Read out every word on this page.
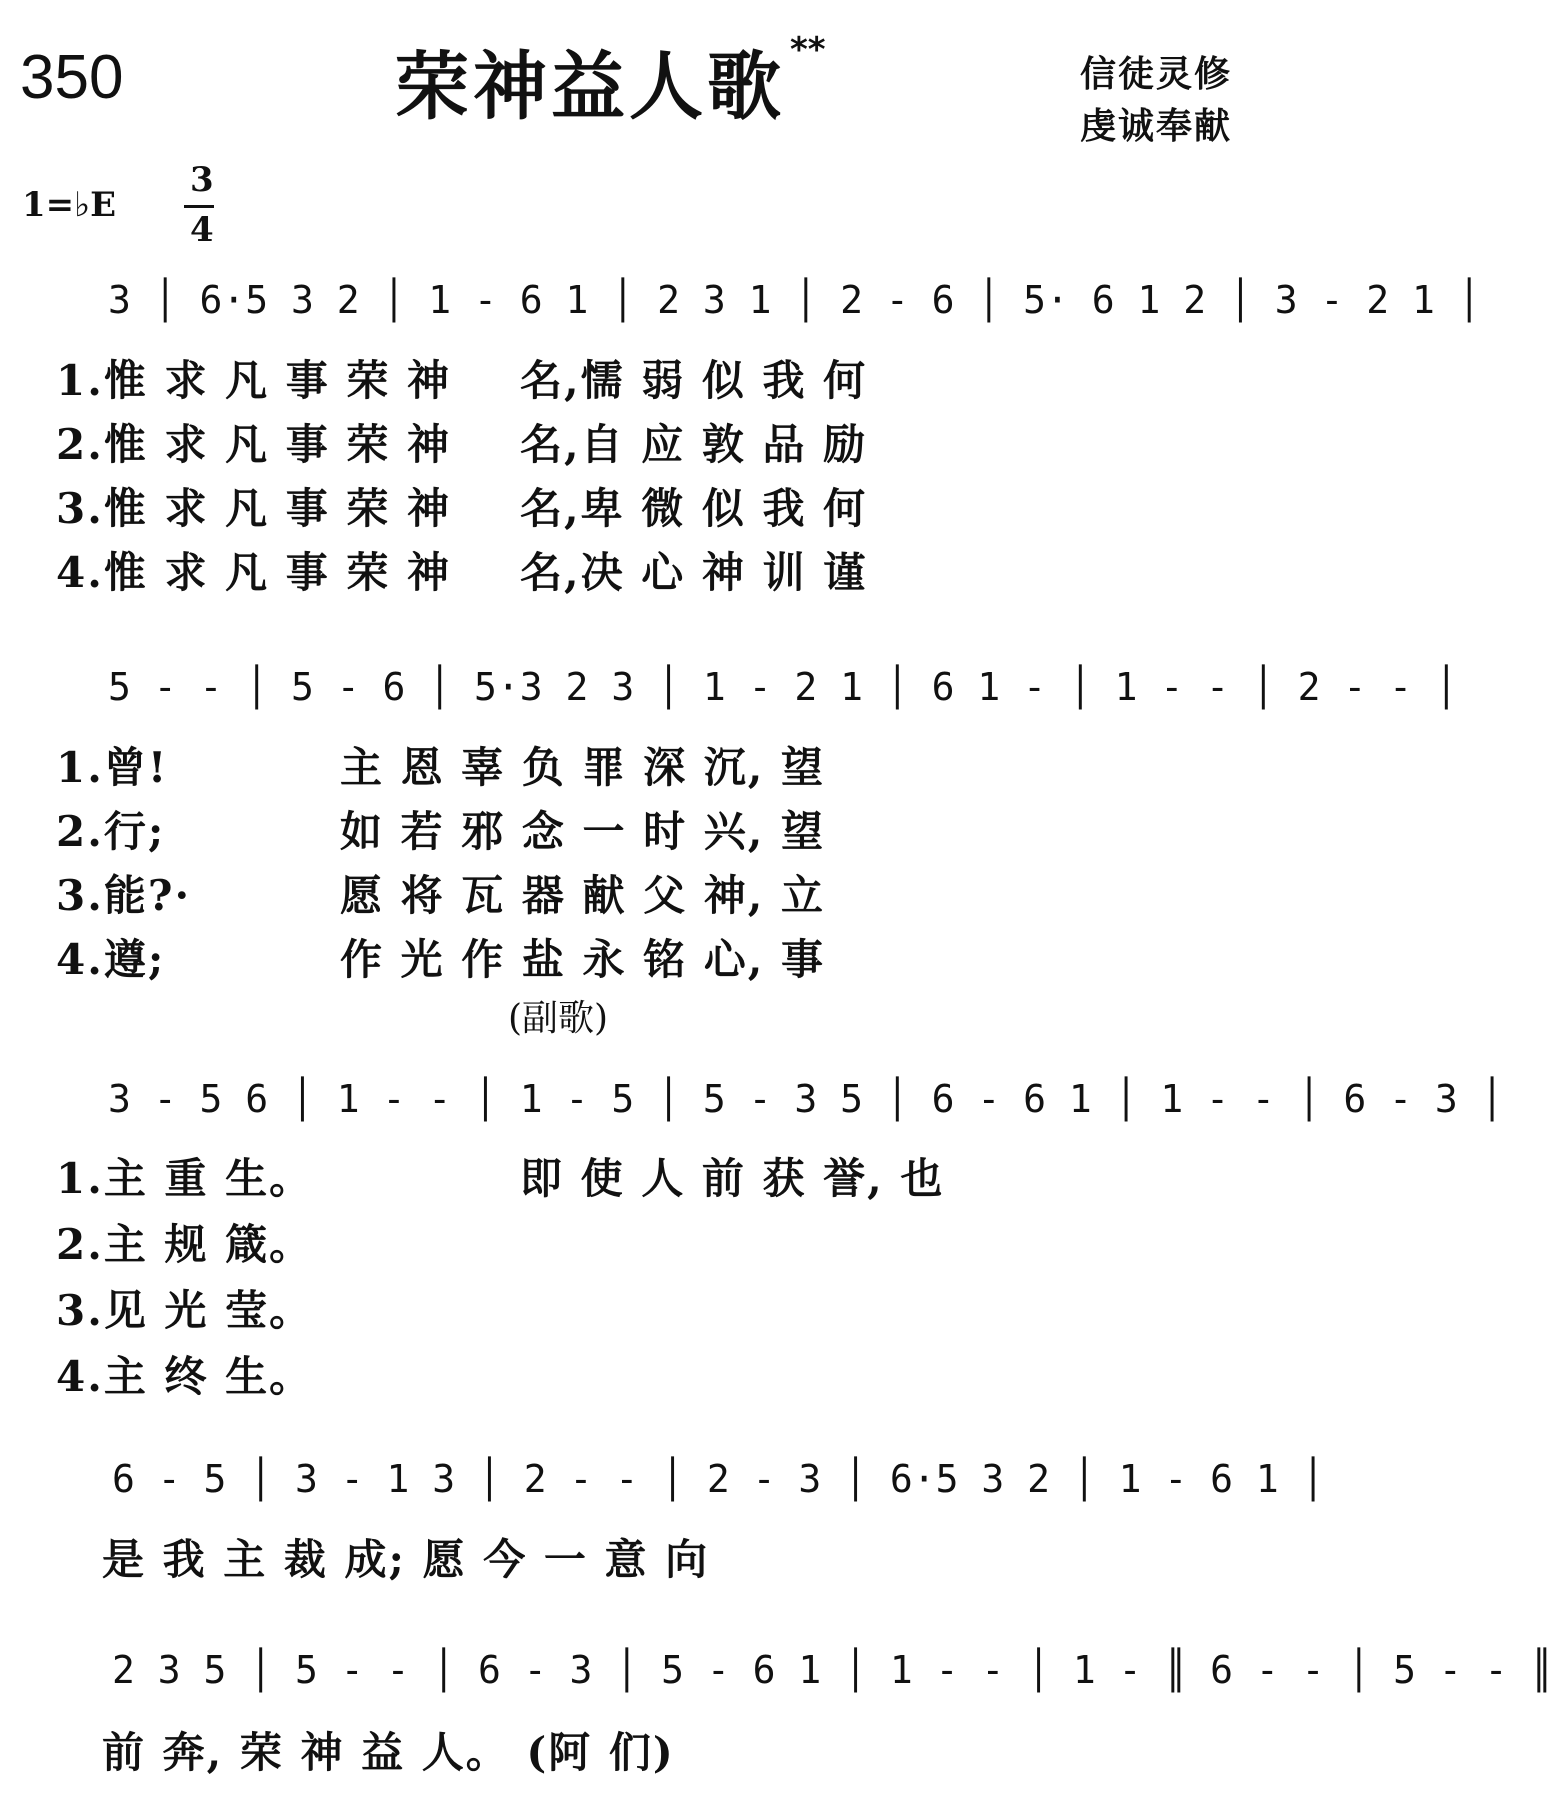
350	荣神益人歌 **
信徒灵修
虔诚奉献
1=♭E
3
4
3 │ 6·5 3 2 │ 1 - 6 1 │ 2 3 1 │ 2 - 6 │ 5· 6 1 2 │ 3 - 2 1 │
1.惟 求 凡 事 荣 神 名,懦 弱 似 我 何
2.惟 求 凡 事 荣 神 名,自 应 敦 品 励
3.惟 求 凡 事 荣 神 名,卑 微 似 我 何
4.惟 求 凡 事 荣 神 名,决 心 神 训 谨
5 - - │ 5 - 6 │ 5·3 2 3 │ 1 - 2 1 │ 6 1 - │ 1 - - │ 2 - - │
1.曾!	主 恩 辜 负 罪 深 沉, 望
2.行;	如 若 邪 念 一 时 兴, 望
3.能?·	愿 将 瓦 器 献 父 神, 立
4.遵;	作 光 作 盐 永 铭 心, 事
(副歌)
3 - 5 6 │ 1 - - │ 1 - 5 │ 5 - 3 5 │ 6 - 6 1 │ 1 - - │ 6 - 3 │
1.主 重 生。	即 使 人 前 获 誉, 也
2.主 规 箴。
3.见 光 莹。
4.主 终 生。
6 - 5 │ 3 - 1 3 │ 2 - - │ 2 - 3 │ 6·5 3 2 │ 1 - 6 1 │
是 我 主 裁 成; 愿 今 一 意 向
2 3 5 │ 5 - - │ 6 - 3 │ 5 - 6 1 │ 1 - - │ 1 - ║ 6 - - │ 5 - - ║
前 奔, 荣 神 益 人。 (阿 们)
